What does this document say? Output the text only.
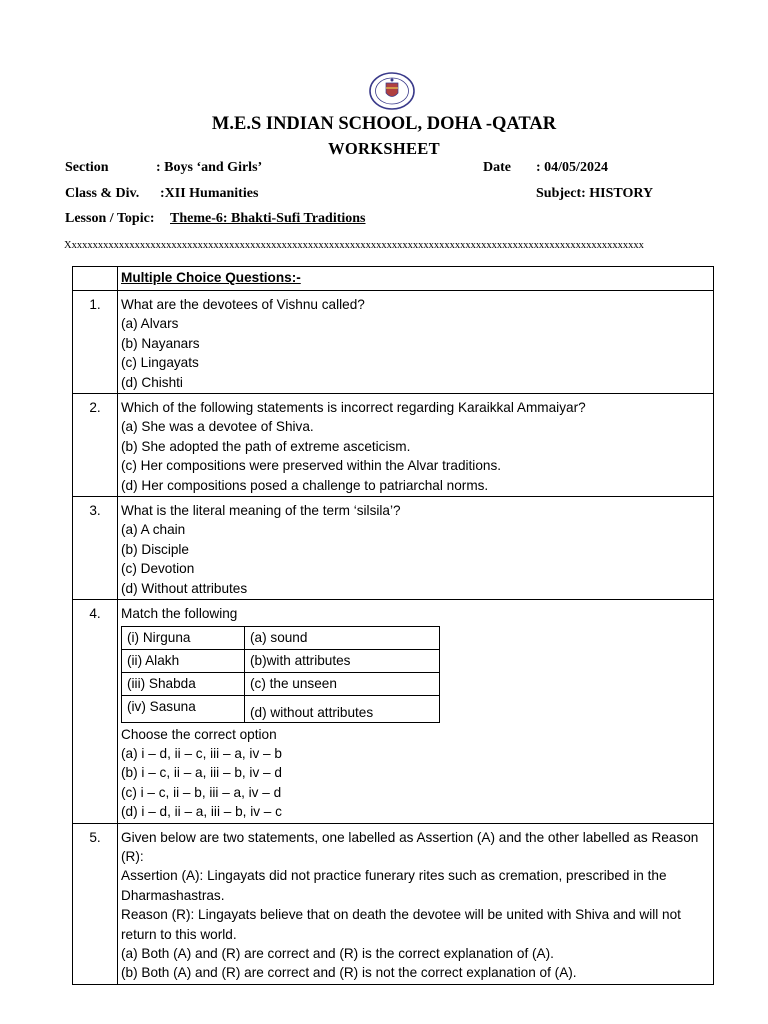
M.E.S INDIAN SCHOOL, DOHA -QATAR
WORKSHEET
Section	: Boys ‘and Girls’	Date : 04/05/2024
Class & Div. :XII Humanities	Subject: HISTORY
Lesson / Topic: Theme-6: Bhakti-Sufi Traditions
Xxxxxxxxxxxxxxxxxxxxxxxxxxxxxxxxxxxxxxxxxxxxxxxxxxxxxxxxxxxxxxxxxxxxxxxxxxxxxxxxxxxxxxxxxxxxxxxxxxxxxxxxxxxxxx
	Multiple Choice Questions:-
1.	What are the devotees of Vishnu called?
(a) Alvars
(b) Nayanars
(c) Lingayats
(d) Chishti

2.	Which of the following statements is incorrect regarding Karaikkal Ammaiyar?
(a) She was a devotee of Shiva.
(b) She adopted the path of extreme asceticism.
(c) Her compositions were preserved within the Alvar traditions.
(d) Her compositions posed a challenge to patriarchal norms.

3.	What is the literal meaning of the term ‘silsila’?
(a) A chain
(b) Disciple
(c) Devotion
(d) Without attributes

4.	Match the following
(i) Nirguna	(a) sound
(ii) Alakh	(b)with attributes
(iii) Shabda	(c) the unseen
(iv) Sasuna	(d) without attributes
Choose the correct option
(a) i – d, ii – c, iii – a, iv – b
(b) i – c, ii – a, iii – b, iv – d
(c) i – c, ii – b, iii – a, iv – d
(d) i – d, ii – a, iii – b, iv – c

5.	Given below are two statements, one labelled as Assertion (A) and the other labelled as Reason (R):
Assertion (A): Lingayats did not practice funerary rites such as cremation, prescribed in the Dharmashastras.
Reason (R): Lingayats believe that on death the devotee will be united with Shiva and will not return to this world.
(a) Both (A) and (R) are correct and (R) is the correct explanation of (A).
(b) Both (A) and (R) are correct and (R) is not the correct explanation of (A).
